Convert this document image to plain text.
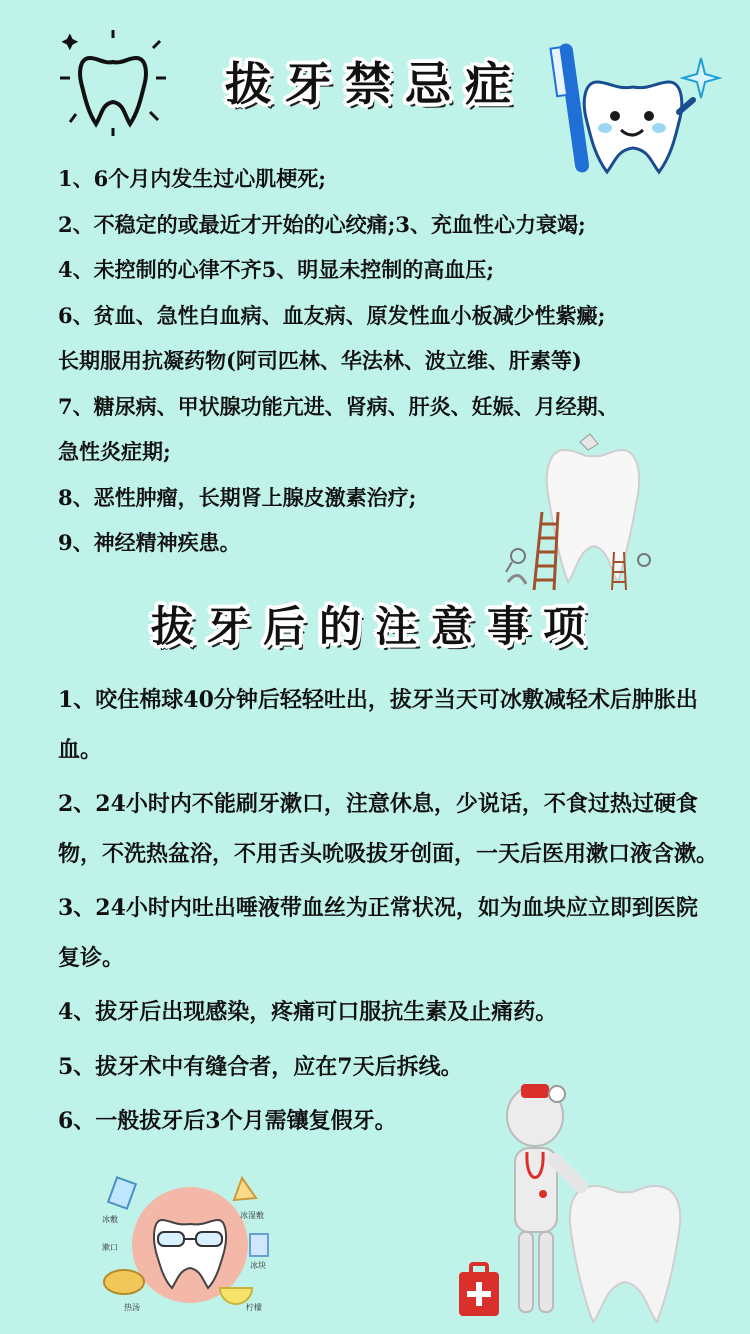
拔牙禁忌症
1、6个月内发生过心肌梗死;
2、不稳定的或最近才开始的心绞痛;3、充血性心力衰竭;
4、未控制的心律不齐5、明显未控制的高血压;
6、贫血、急性白血病、血友病、原发性血小板减少性紫癜;
长期服用抗凝药物(阿司匹林、华法林、波立维、肝素等)
7、糖尿病、甲状腺功能亢进、肾病、肝炎、妊娠、月经期、
急性炎症期;
8、恶性肿瘤，长期肾上腺皮激素治疗;
9、神经精神疾患。
拔牙后的注意事项
1、咬住棉球40分钟后轻轻吐出，拔牙当天可冰敷减轻术后肿胀出血。
2、24小时内不能刷牙漱口，注意休息，少说话，不食过热过硬食物，不洗热盆浴，不用舌头吮吸拔牙创面，一天后医用漱口液含漱。
3、24小时内吐出唾液带血丝为正常状况，如为血块应立即到医院复诊。
4、拔牙后出现感染，疼痛可口服抗生素及止痛药。
5、拔牙术中有缝合者，应在7天后拆线。
6、一般拔牙后3个月需镶复假牙。
冰敷	冰湿敷
漱口
冰块
热汤	柠檬
